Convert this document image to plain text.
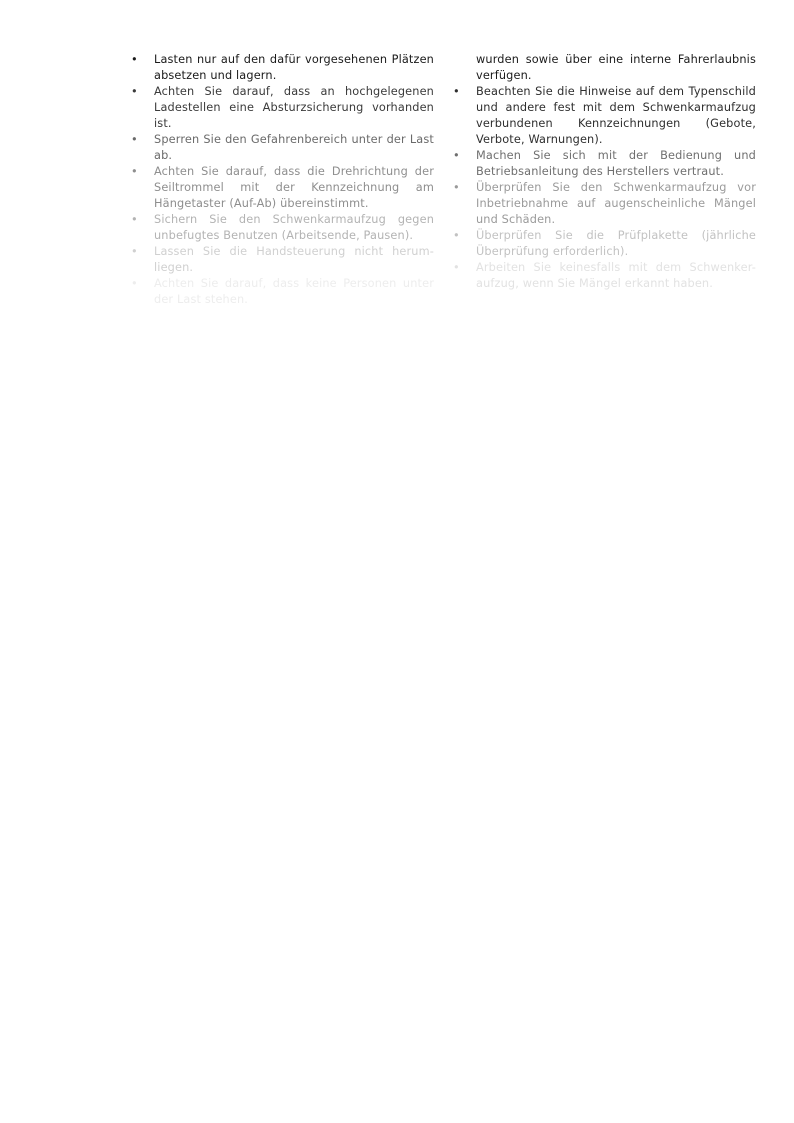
• Lasten nur auf den dafür vorgesehenen Plätzen absetzen und lagern.
• Achten Sie darauf, dass an hochgelegenen Ladestellen eine Absturzsicherung vorhanden ist.
• Sperren Sie den Gefahrenbereich unter der Last ab.
• Achten Sie darauf, dass die Drehrichtung der Seiltrommel mit der Kennzeichnung am Hängetaster (Auf-Ab) übereinstimmt.
• Sichern Sie den Schwenkarmaufzug gegen unbefugtes Benutzen (Arbeitsende, Pausen).
• Lassen Sie die Handsteuerung nicht herum-liegen.
• Achten Sie darauf, dass keine Personen unter der Last stehen.
wurden sowie über eine interne Fahrerlaubnis verfügen.
• Beachten Sie die Hinweise auf dem Typenschild und andere fest mit dem Schwenkarmaufzug verbundenen Kennzeichnungen (Gebote, Verbote, Warnungen).
• Machen Sie sich mit der Bedienung und Betriebsanleitung des Herstellers vertraut.
• Überprüfen Sie den Schwenkarmaufzug vor Inbetriebnahme auf augenscheinliche Mängel und Schäden.
• Überprüfen Sie die Prüfplakette (jährliche Überprüfung erforderlich).
• Arbeiten Sie keinesfalls mit dem Schwenker-aufzug, wenn Sie Mängel erkannt haben.
